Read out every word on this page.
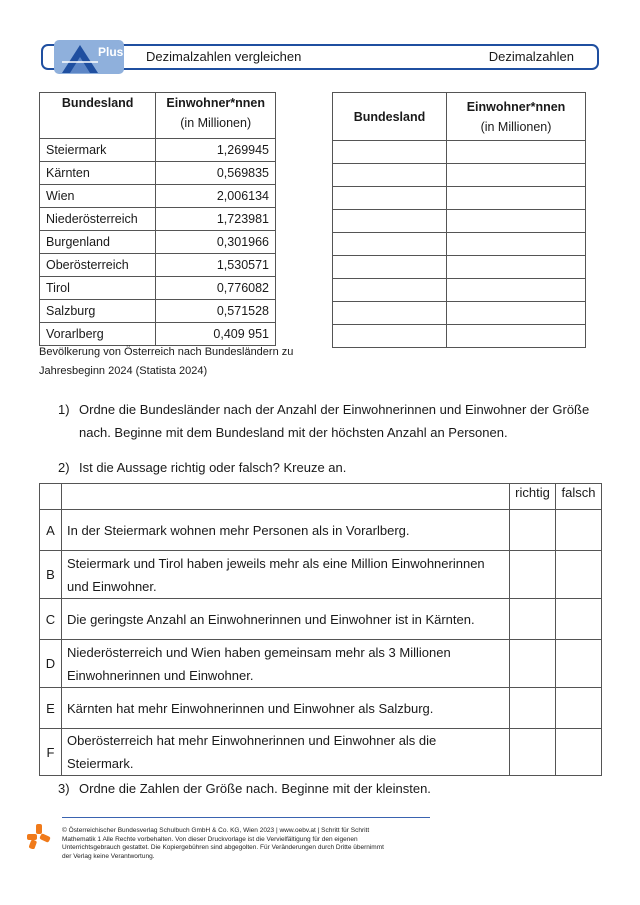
Plus Dezimalzahlen vergleichen	Dezimalzahlen
Bundesland	Einwohner*nnen
(in Millionen)

Steiermark	1,269945
Kärnten	0,569835
Wien	2,006134
Niederösterreich	1,723981
Burgenland	0,301966
Oberösterreich	1,530571
Tirol	0,776082
Salzburg	0,571528
Vorarlberg	0,409 951
Bevölkerung von Österreich nach Bundesländern zu
Jahresbeginn 2024 (Statista 2024)
Bundesland	Einwohner*nnen
(in Millionen)

1) Ordne die Bundesländer nach der Anzahl der Einwohnerinnen und Einwohner der Größe
nach. Beginne mit dem Bundesland mit der höchsten Anzahl an Personen.
2) Ist die Aussage richtig oder falsch? Kreuze an.
		richtig	falsch
A	In der Steiermark wohnen mehr Personen als in Vorarlberg.		

B	Steiermark und Tirol haben jeweils mehr als eine Million Einwohnerinnen
und Einwohner.		

C	Die geringste Anzahl an Einwohnerinnen und Einwohner ist in Kärnten.		

D	Niederösterreich und Wien haben gemeinsam mehr als 3 Millionen
Einwohnerinnen und Einwohner.		

E	Kärnten hat mehr Einwohnerinnen und Einwohner als Salzburg.		

F	Oberösterreich hat mehr Einwohnerinnen und Einwohner als die Steiermark.		

3) Ordne die Zahlen der Größe nach. Beginne mit der kleinsten.
© Österreichischer Bundesverlag Schulbuch GmbH & Co. KG, Wien 2023 | www.oebv.at | Schritt für Schritt
Mathematik 1 Alle Rechte vorbehalten. Von dieser Druckvorlage ist die Vervielfältigung für den eigenen
Unterrichtsgebrauch gestattet. Die Kopiergebühren sind abgegolten. Für Veränderungen durch Dritte übernimmt
der Verlag keine Verantwortung.
